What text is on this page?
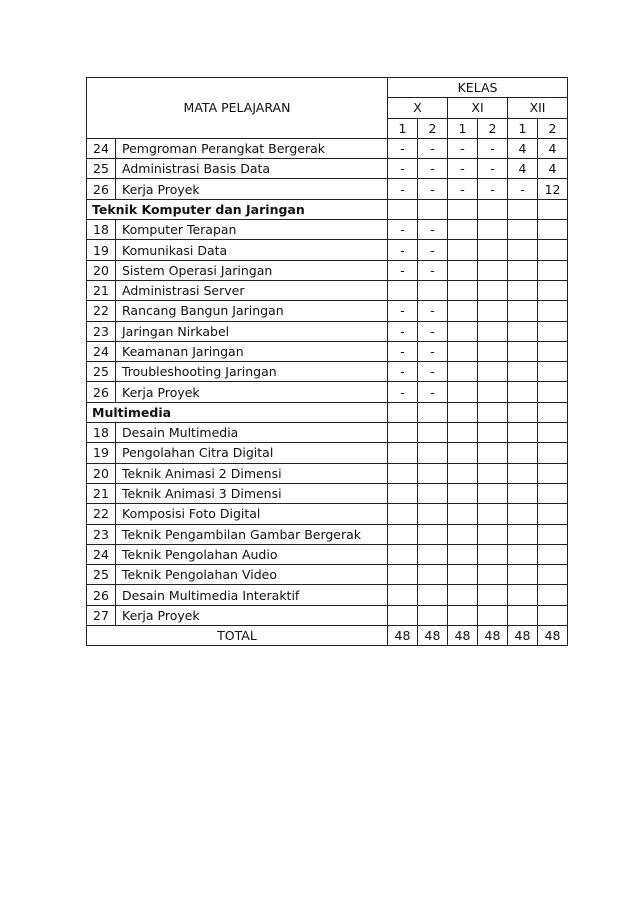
MATA PELAJARAN		KELAS					
		X		XI		XII	
		1	2	1	2	1	2
24	Pemgroman Perangkat Bergerak	-	-	-	-	4	4
25	Administrasi Basis Data	-	-	-	-	4	4
26	Kerja Proyek	-	-	-	-	-	12
Teknik Komputer dan Jaringan							
18	Komputer Terapan	-	-				
19	Komunikasi Data	-	-				
20	Sistem Operasi Jaringan	-	-				
21	Administrasi Server						
22	Rancang Bangun Jaringan	-	-				
23	Jaringan Nirkabel	-	-				
24	Keamanan Jaringan	-	-				
25	Troubleshooting Jaringan	-	-				
26	Kerja Proyek	-	-				
Multimedia							
18	Desain Multimedia						
19	Pengolahan Citra Digital						
20	Teknik Animasi 2 Dimensi						
21	Teknik Animasi 3 Dimensi						
22	Komposisi Foto Digital						
23	Teknik Pengambilan Gambar Bergerak						
24	Teknik Pengolahan Audio						
25	Teknik Pengolahan Video						
26	Desain Multimedia Interaktif						
27	Kerja Proyek						
TOTAL		48	48	48	48	48	48
